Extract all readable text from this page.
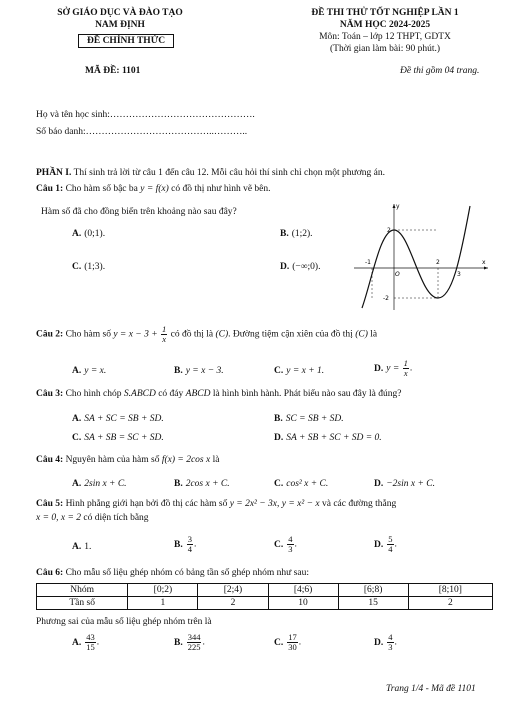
SỞ GIÁO DỤC VÀ ĐÀO TẠO
NAM ĐỊNH
ĐỀ CHÍNH THỨC
ĐỀ THI THỬ TỐT NGHIỆP LẦN 1
NĂM HỌC 2024-2025
Môn: Toán – lớp 12 THPT, GDTX
(Thời gian làm bài: 90 phút.)
MÃ ĐỀ: 1101	Đề thi gồm 04 trang.
Họ và tên học sinh:……………………………………….
Số báo danh:…………………………………..………..
PHẦN I. Thí sinh trả lời từ câu 1 đến câu 12. Mỗi câu hỏi thí sinh chỉ chọn một phương án.
Câu 1: Cho hàm số bậc ba y = f(x) có đồ thị như hình vẽ bên.
Hàm số đã cho đồng biến trên khoảng nào sau đây?
A. (0;1).	B. (1;2).
C. (1;3).	D. (−∞;0).
y
x
O
-1	2
3
2
-2
Câu 2: Cho hàm số $y = x - 3 + \frac{1}{x}$ có đồ thị là (C). Đường tiệm cận xiên của đồ thị (C) là
A. y = x.	B. y = x − 3.	C. y = x + 1.	D. $y = \frac{1}{x}$ .
Câu 3: Cho hình chóp S.ABCD có đáy ABCD là hình bình hành. Phát biểu nào sau đây là đúng?
A. SA + SC = SB + SD.	B. SC = SB + SD.
C. SA + SB = SC + SD.	D. SA + SB + SC + SD = 0.
Câu 4: Nguyên hàm của hàm số f(x) = 2cos x là
A. 2sin x + C.	B. 2cos x + C.	C. cos² x + C.	D. −2sin x + C.
Câu 5: Hình phẳng giới hạn bởi đồ thị các hàm số y = 2x² − 3x, y = x² − x và các đường thẳng
x = 0, x = 2 có diện tích bằng
A. 1.	B. $\frac{3}{4}$ .	C. $\frac{4}{3}$ .	D. $\frac{5}{4}$ .
Câu 6: Cho mẫu số liệu ghép nhóm có bảng tần số ghép nhóm như sau:
Nhóm	[0;2)	[2;4)	[4;6)	[6;8)	[8;10]
Tần số	1	2	10	15	2
Phương sai của mẫu số liệu ghép nhóm trên là
A. $\frac{43}{15}$ .	B. $\frac{344}{225}$ .	C. $\frac{17}{30}$ .	D. $\frac{4}{3}$ .
Trang 1/4 - Mã đề 1101
